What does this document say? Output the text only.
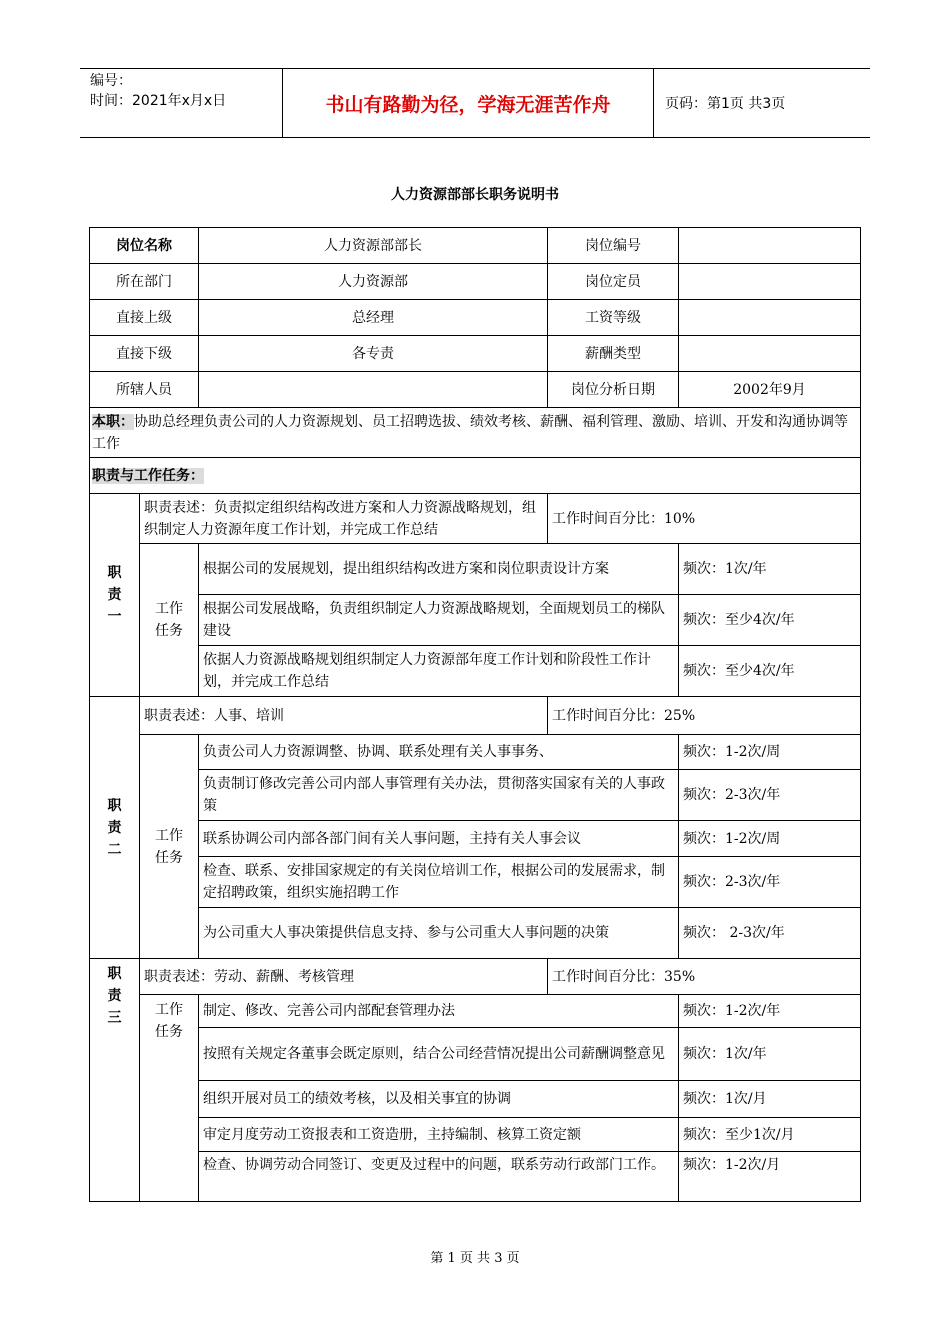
编号：
时间：2021年x月x日	书山有路勤为径，学海无涯苦作舟	页码：第1页 共3页
人力资源部部长职务说明书
岗位名称		人力资源部部长	岗位编号	
所在部门		人力资源部	岗位定员	
直接上级		总经理	工资等级	
直接下级		各专责	薪酬类型	
所辖人员			岗位分析日期	2002年9月
本职：协助总经理负责公司的人力资源规划、员工招聘选拔、绩效考核、薪酬、福利管理、激励、培训、开发和沟通协调等工作				
职责与工作任务：				
职责一	职责表述：负责拟定组织结构改进方案和人力资源战略规划，组织制定人力资源年度工作计划，并完成工作总结		工作时间百分比：10%	
	工作任务	根据公司的发展规划，提出组织结构改进方案和岗位职责设计方案		频次：1次/年
		根据公司发展战略，负责组织制定人力资源战略规划，全面规划员工的梯队建设		频次：至少4次/年
		依据人力资源战略规划组织制定人力资源部年度工作计划和阶段性工作计划，并完成工作总结		频次：至少4次/年
职责二	职责表述：人事、培训		工作时间百分比：25%	
	工作任务	负责公司人力资源调整、协调、联系处理有关人事事务、		频次：1-2次/周
		负责制订修改完善公司内部人事管理有关办法，贯彻落实国家有关的人事政策		频次：2-3次/年
		联系协调公司内部各部门间有关人事问题，主持有关人事会议		频次：1-2次/周
		检查、联系、安排国家规定的有关岗位培训工作，根据公司的发展需求，制定招聘政策，组织实施招聘工作		频次：2-3次/年
		为公司重大人事决策提供信息支持、参与公司重大人事问题的决策		频次： 2-3次/年
职责三	职责表述：劳动、薪酬、考核管理		工作时间百分比：35%	
	工作任务	制定、修改、完善公司内部配套管理办法		频次：1-2次/年
		按照有关规定各董事会既定原则，结合公司经营情况提出公司薪酬调整意见		频次：1次/年
		组织开展对员工的绩效考核，以及相关事宜的协调		频次：1次/月
		审定月度劳动工资报表和工资造册，主持编制、核算工资定额		频次：至少1次/月
		检查、协调劳动合同签订、变更及过程中的问题，联系劳动行政部门工作。		频次：1-2次/月
第 1 页 共 3 页
